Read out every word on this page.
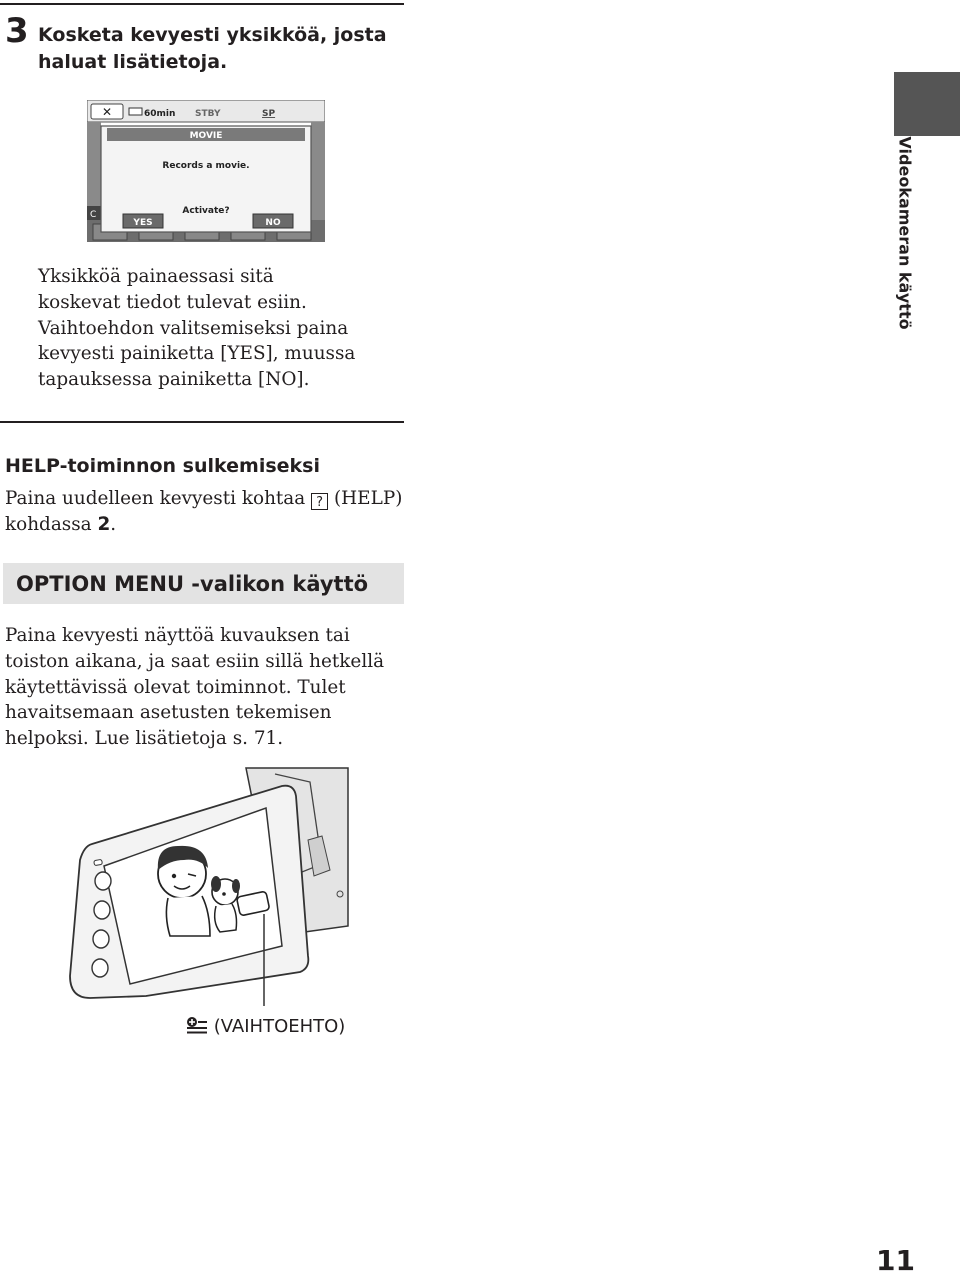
3 Kosketa kevyesti yksikköä, josta haluat lisätietoja.
✕	60min STBY	SP
C
MOVIE
Records a movie.
Activate?
YES	NO
Yksikköä painaessasi sitä koskevat tiedot tulevat esiin. Vaihtoehdon valitsemiseksi paina kevyesti painiketta [YES], muussa tapauksessa painiketta [NO].
Videokameran käyttö
HELP-toiminnon sulkemiseksi
Paina uudelleen kevyesti kohtaa ? (HELP) kohdassa 2.
OPTION MENU -valikon käyttö
Paina kevyesti näyttöä kuvauksen tai toiston aikana, ja saat esiin sillä hetkellä käytettävissä olevat toiminnot. Tulet havaitsemaan asetusten tekemisen helpoksi. Lue lisätietoja s. 71.
(VAIHTOEHTO)
11
